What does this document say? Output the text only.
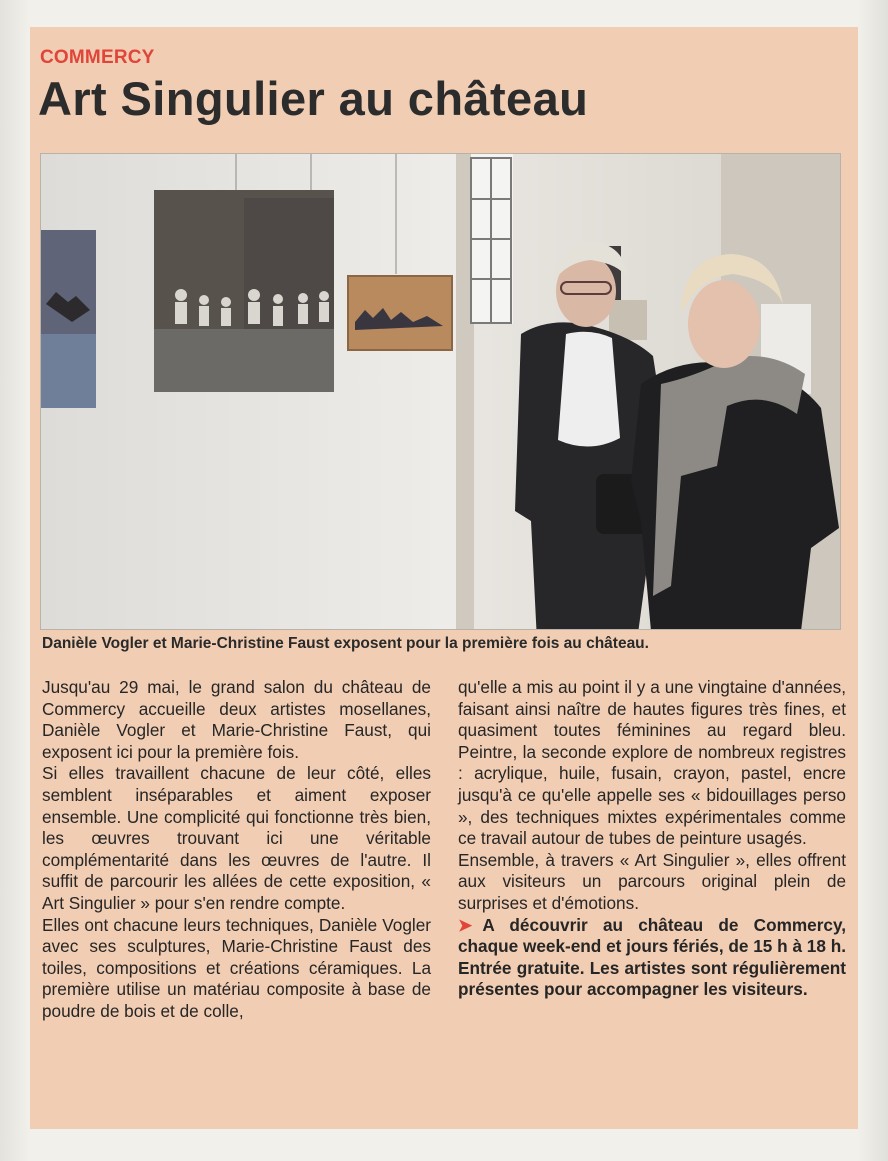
COMMERCY
Art Singulier au château

Danièle Vogler et Marie-Christine Faust exposent pour la première fois au château.

Jusqu'au 29 mai, le grand salon du château de Commercy accueille deux artistes mosellanes, Danièle Vogler et Marie-Christine Faust, qui exposent ici pour la première fois.

Si elles travaillent chacune de leur côté, elles semblent inséparables et aiment exposer ensemble. Une complicité qui fonctionne très bien, les œuvres trouvant ici une véritable complémentarité dans les œuvres de l'autre. Il suffit de parcourir les allées de cette exposition, « Art Singulier » pour s'en rendre compte.

Elles ont chacune leurs techniques, Danièle Vogler avec ses sculptures, Marie-Christine Faust des toiles, compositions et créations céramiques. La première utilise un matériau composite à base de poudre de bois et de colle,

qu'elle a mis au point il y a une vingtaine d'années, faisant ainsi naître de hautes figures très fines, et quasiment toutes féminines au regard bleu. Peintre, la seconde explore de nombreux registres : acrylique, huile, fusain, crayon, pastel, encre jusqu'à ce qu'elle appelle ses « bidouillages perso », des techniques mixtes expérimentales comme ce travail autour de tubes de peinture usagés.

Ensemble, à travers « Art Singulier », elles offrent aux visiteurs un parcours original plein de surprises et d'émotions.

➤ A découvrir au château de Commercy, chaque week-end et jours fériés, de 15 h à 18 h. Entrée gratuite. Les artistes sont régulièrement présentes pour accompagner les visiteurs.
